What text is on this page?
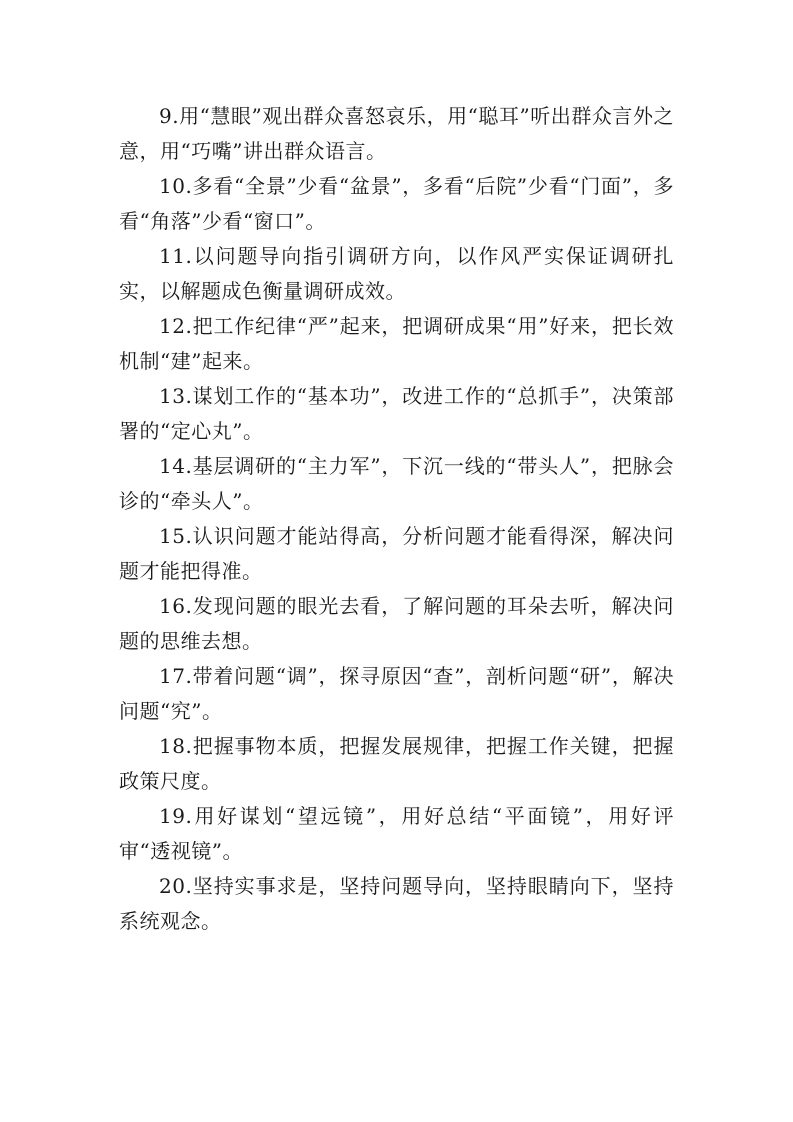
9.用“慧眼”观出群众喜怒哀乐，用“聪耳”听出群众言外之意，用“巧嘴”讲出群众语言。

10.多看“全景”少看“盆景”，多看“后院”少看“门面”，多看“角落”少看“窗口”。

11.以问题导向指引调研方向，以作风严实保证调研扎实，以解题成色衡量调研成效。

12.把工作纪律“严”起来，把调研成果“用”好来，把长效机制“建”起来。

13.谋划工作的“基本功”，改进工作的“总抓手”，决策部署的“定心丸”。

14.基层调研的“主力军”，下沉一线的“带头人”，把脉会诊的“牵头人”。

15.认识问题才能站得高，分析问题才能看得深，解决问题才能把得准。

16.发现问题的眼光去看，了解问题的耳朵去听，解决问题的思维去想。

17.带着问题“调”，探寻原因“查”，剖析问题“研”，解决问题“究”。

18.把握事物本质，把握发展规律，把握工作关键，把握政策尺度。

19.用好谋划“望远镜”，用好总结“平面镜”，用好评审“透视镜”。

20.坚持实事求是，坚持问题导向，坚持眼睛向下，坚持系统观念。
